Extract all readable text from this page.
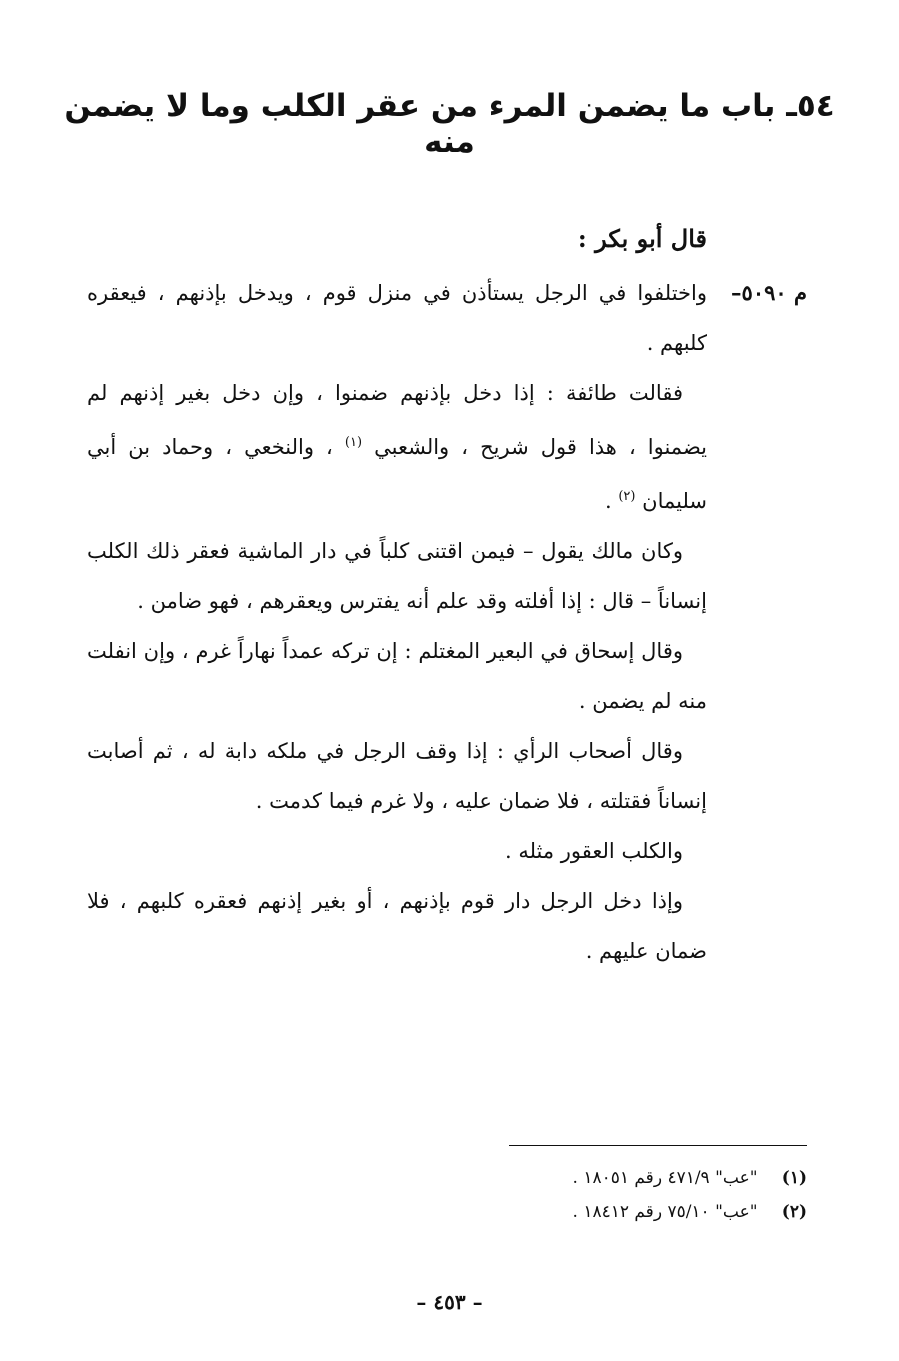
٥٤ـ باب ما يضمن المرء من عقر الكلب وما لا يضمن منه
قال أبو بكر :
م ٥٠٩٠–
واختلفوا في الرجل يستأذن في منزل قوم ، ويدخل بإذنهم ، فيعقره كلبهم .
فقالت طائفة : إذا دخل بإذنهم ضمنوا ، وإن دخل بغير إذنهم لم يضمنوا ، هذا قول شريح ، والشعبي $^{(١)}$ ، والنخعي ، وحماد بن أبي سليمان $^{(٢)}$ .
وكان مالك يقول – فيمن اقتنى كلباً في دار الماشية فعقر ذلك الكلب إنساناً – قال : إذا أفلته وقد علم أنه يفترس ويعقرهم ، فهو ضامن .
وقال إسحاق في البعير المغتلم : إن تركه عمداً نهاراً غرم ، وإن انفلت منه لم يضمن .
وقال أصحاب الرأي : إذا وقف الرجل في ملكه دابة له ، ثم أصابت إنساناً فقتلته ، فلا ضمان عليه ، ولا غرم فيما كدمت .
والكلب العقور مثله .
وإذا دخل الرجل دار قوم بإذنهم ، أو بغير إذنهم فعقره كلبهم ، فلا ضمان عليهم .
(١) "عب" ٤٧١/٩ رقم ١٨٠٥١ .
(٢) "عب" ٧٥/١٠ رقم ١٨٤١٢ .
– ٤٥٣ –
